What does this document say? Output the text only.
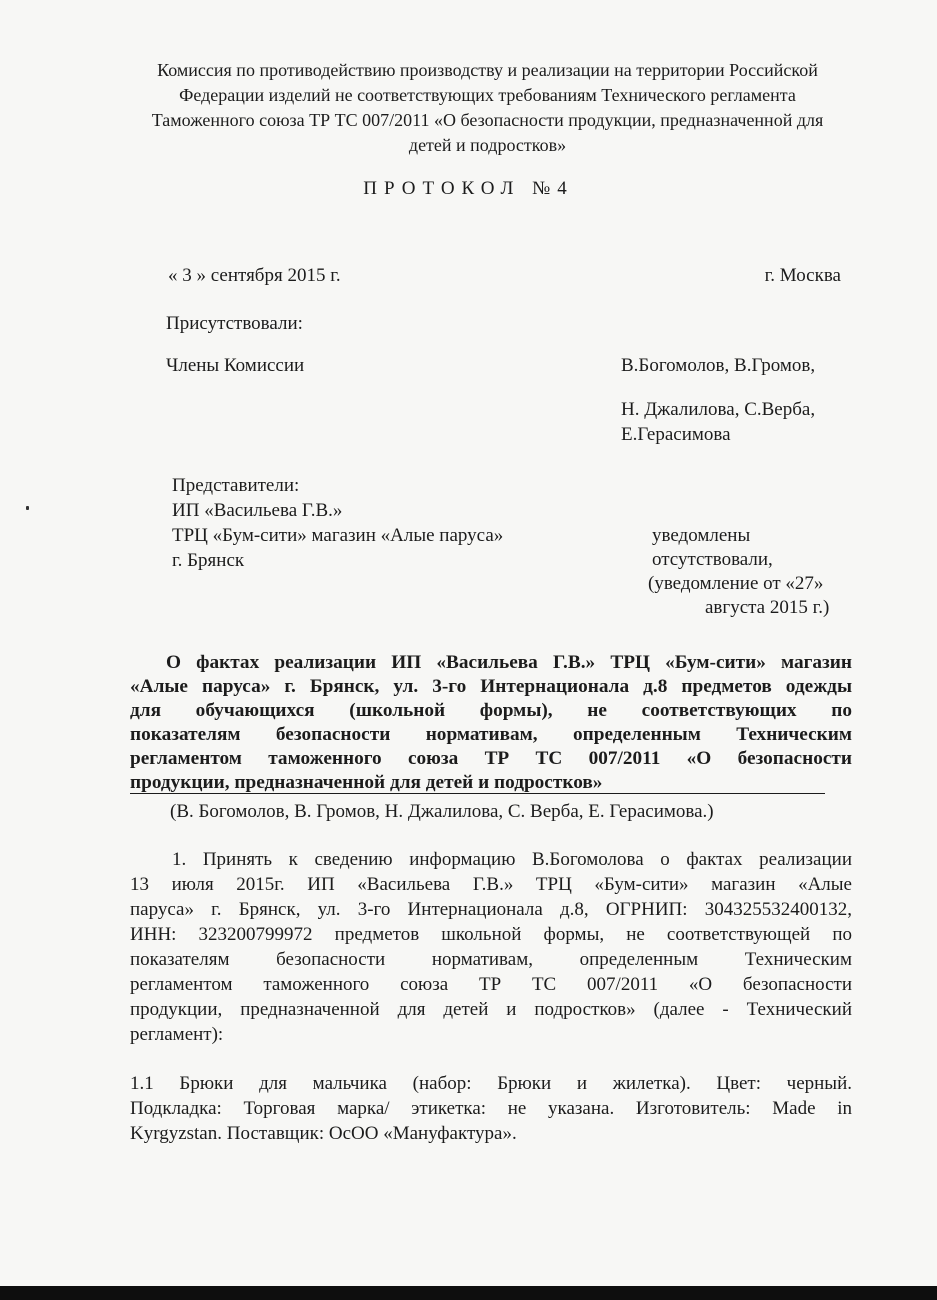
Комиссия по противодействию производству и реализации на территории Российской
Федерации изделий не соответствующих требованиям Технического регламента
Таможенного союза ТР ТС 007/2011 «О безопасности продукции, предназначенной для
детей и подростков»
ПРОТОКОЛ №4
« 3 » сентября 2015 г.	г. Москва
Присутствовали:
Члены Комиссии	В.Богомолов, В.Громов,
Н. Джалилова, С.Верба,
Е.Герасимова
Представители:
ИП «Васильева Г.В.»
ТРЦ «Бум-сити» магазин «Алые паруса»
г. Брянск
уведомлены
отсутствовали,
(уведомление от «27»
августа 2015 г.)
О фактах реализации ИП «Васильева Г.В.» ТРЦ «Бум-сити» магазин
«Алые паруса» г. Брянск, ул. 3-го Интернационала д.8 предметов одежды
для обучающихся (школьной формы), не соответствующих по
показателям безопасности нормативам, определенным Техническим
регламентом таможенного союза ТР ТС 007/2011 «О безопасности
продукции, предназначенной для детей и подростков»
(В. Богомолов, В. Громов, Н. Джалилова, С. Верба, Е. Герасимова.)
1. Принять к сведению информацию В.Богомолова о фактах реализации
13 июля 2015г. ИП «Васильева Г.В.» ТРЦ «Бум-сити» магазин «Алые
паруса» г. Брянск, ул. 3-го Интернационала д.8, ОГРНИП: 304325532400132,
ИНН: 323200799972 предметов школьной формы, не соответствующей по
показателям безопасности нормативам, определенным Техническим
регламентом таможенного союза ТР ТС 007/2011 «О безопасности
продукции, предназначенной для детей и подростков» (далее - Технический
регламент):
1.1 Брюки для мальчика (набор: Брюки и жилетка). Цвет: черный.
Подкладка: Торговая марка/ этикетка: не указана. Изготовитель: Made in
Kyrgyzstan. Поставщик: ОсОО «Мануфактура».
